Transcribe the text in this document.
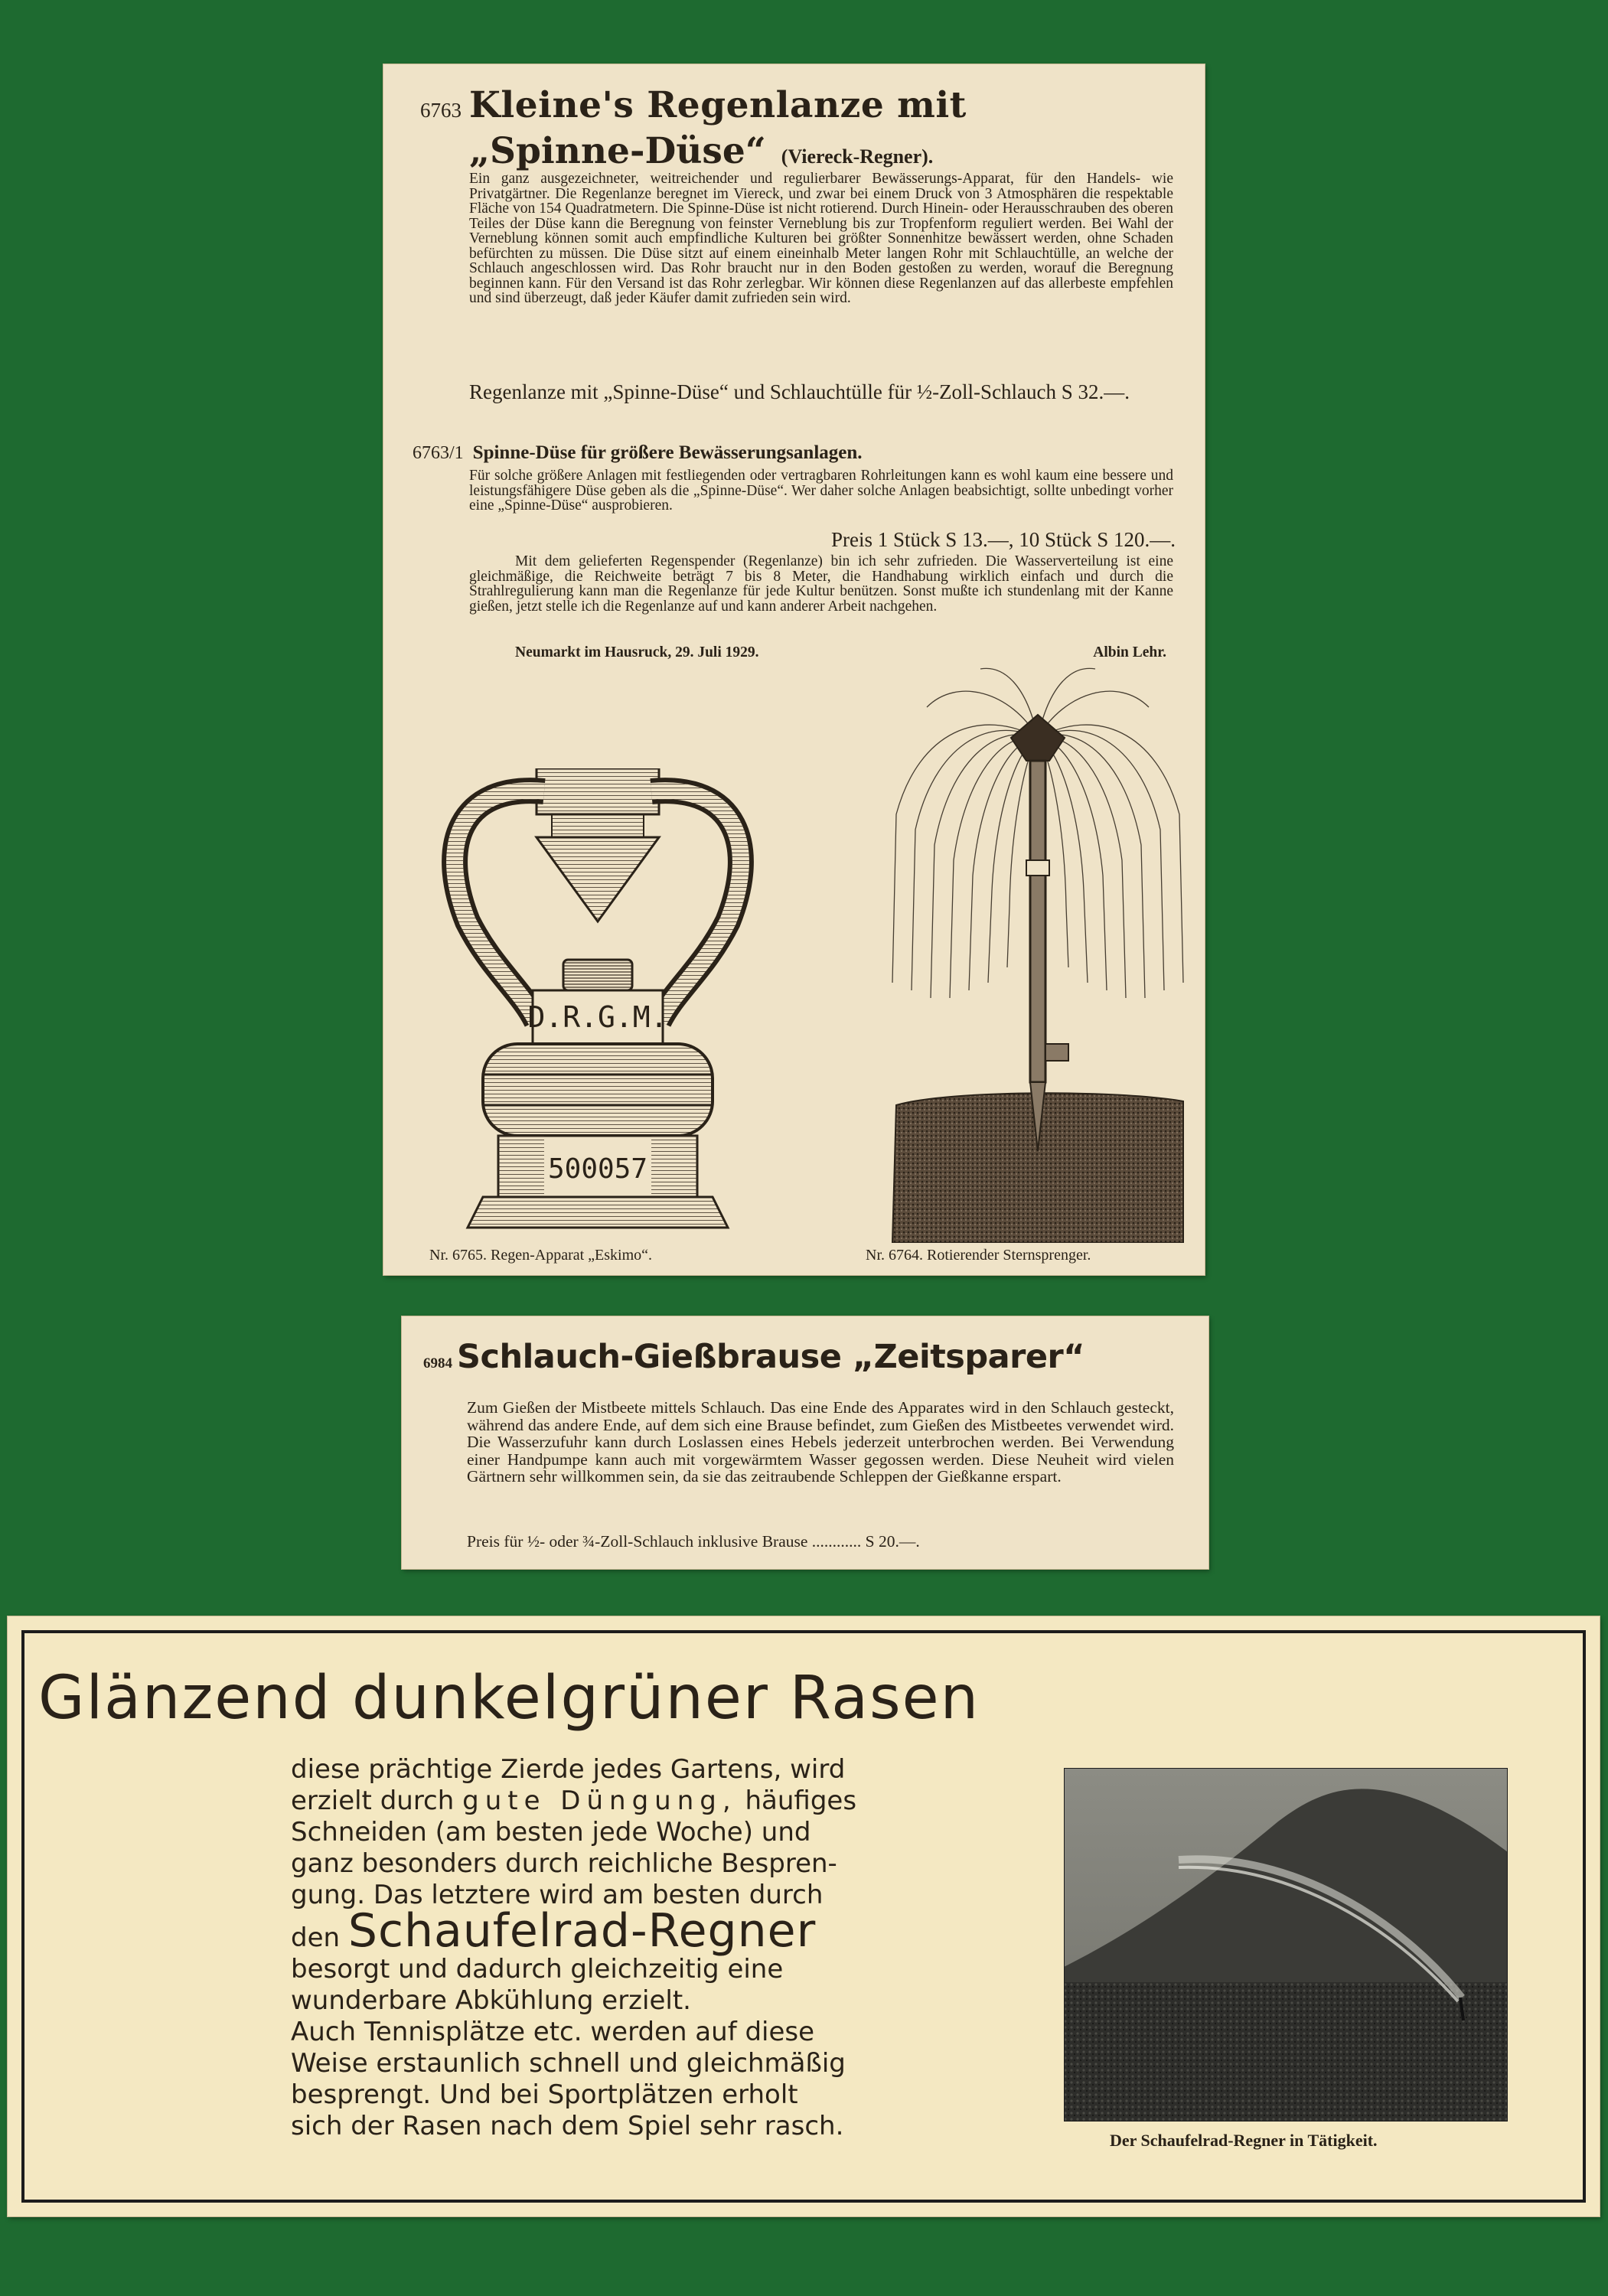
6763 Kleine's Regenlanze mit
„Spinne-Düse“ (Viereck-Regner).

Ein ganz ausgezeichneter, weitreichender und regulierbarer Bewässerungs-Apparat, für den Handels- wie Privatgärtner. Die Regenlanze beregnet im Viereck, und zwar bei einem Druck von 3 Atmosphären die respektable Fläche von 154 Quadratmetern. Die Spinne-Düse ist nicht rotierend. Durch Hinein- oder Herausschrauben des oberen Teiles der Düse kann die Beregnung von feinster Verneblung bis zur Tropfenform reguliert werden. Bei Wahl der Verneblung können somit auch empfindliche Kulturen bei größter Sonnenhitze bewässert werden, ohne Schaden befürchten zu müssen. Die Düse sitzt auf einem eineinhalb Meter langen Rohr mit Schlauchtülle, an welche der Schlauch angeschlossen wird. Das Rohr braucht nur in den Boden gestoßen zu werden, worauf die Beregnung beginnen kann. Für den Versand ist das Rohr zerlegbar. Wir können diese Regenlanzen auf das allerbeste empfehlen und sind überzeugt, daß jeder Käufer damit zufrieden sein wird.

Regenlanze mit „Spinne-Düse“ und Schlauchtülle für ½-Zoll-Schlauch S 32.—.

6763/1 Spinne-Düse für größere Bewässerungsanlagen.

Für solche größere Anlagen mit festliegenden oder vertragbaren Rohrleitungen kann es wohl kaum eine bessere und leistungsfähigere Düse geben als die „Spinne-Düse“. Wer daher solche Anlagen beabsichtigt, sollte unbedingt vorher eine „Spinne-Düse“ ausprobieren.

Preis 1 Stück S 13.—, 10 Stück S 120.—.

Mit dem gelieferten Regenspender (Regenlanze) bin ich sehr zufrieden. Die Wasserverteilung ist eine gleichmäßige, die Reichweite beträgt 7 bis 8 Meter, die Handhabung wirklich einfach und durch die Strahlregulierung kann man die Regenlanze für jede Kultur benützen. Sonst mußte ich stundenlang mit der Kanne gießen, jetzt stelle ich die Regenlanze auf und kann anderer Arbeit nachgehen.

Neumarkt im Hausruck, 29. Juli 1929.	Albin Lehr.
D.R.G.M.
500057
Nr. 6765. Regen-Apparat „Eskimo“.	Nr. 6764. Rotierender Sternsprenger.
6984 Schlauch-Gießbrause „Zeitsparer“

Zum Gießen der Mistbeete mittels Schlauch. Das eine Ende des Apparates wird in den Schlauch gesteckt, während das andere Ende, auf dem sich eine Brause befindet, zum Gießen des Mistbeetes verwendet wird. Die Wasserzufuhr kann durch Loslassen eines Hebels jederzeit unterbrochen werden. Bei Verwendung einer Handpumpe kann auch mit vorgewärmtem Wasser gegossen werden. Diese Neuheit wird vielen Gärtnern sehr willkommen sein, da sie das zeitraubende Schleppen der Gießkanne erspart.

Preis für ½- oder ¾-Zoll-Schlauch inklusive Brause ............ S 20.—.
Glänzend dunkelgrüner Rasen
diese prächtige Zierde jedes Gartens, wird
erzielt durch gute Düngung, häufiges
Schneiden (am besten jede Woche) und
ganz besonders durch reichliche Bespren-
gung. Das letztere wird am besten durch
den Schaufelrad-Regner
besorgt und dadurch gleichzeitig eine
wunderbare Abkühlung erzielt.
Auch Tennisplätze etc. werden auf diese
Weise erstaunlich schnell und gleichmäßig
besprengt. Und bei Sportplätzen erholt
sich der Rasen nach dem Spiel sehr rasch.	Der Schaufelrad-Regner in Tätigkeit.
